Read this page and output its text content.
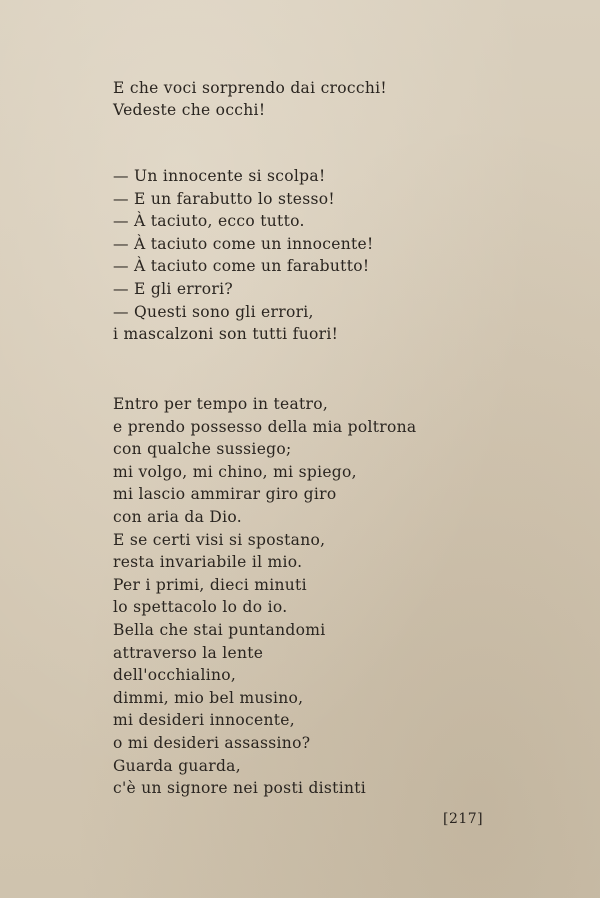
E che voci sorprendo dai crocchi!
Vedeste che occhi!
— Un innocente si scolpa!
— E un farabutto lo stesso!
— À taciuto, ecco tutto.
— À taciuto come un innocente!
— À taciuto come un farabutto!
— E gli errori?
— Questi sono gli errori,
i mascalzoni son tutti fuori!
Entro per tempo in teatro,
e prendo possesso della mia poltrona
con qualche sussiego;
mi volgo, mi chino, mi spiego,
mi lascio ammirar giro giro
con aria da Dio.
E se certi visi si spostano,
resta invariabile il mio.
Per i primi, dieci minuti
lo spettacolo lo do io.
Bella che stai puntandomi
attraverso la lente
dell'occhialino,
dimmi, mio bel musino,
mi desideri innocente,
o mi desideri assassino?
Guarda guarda,
c'è un signore nei posti distinti
[217]
